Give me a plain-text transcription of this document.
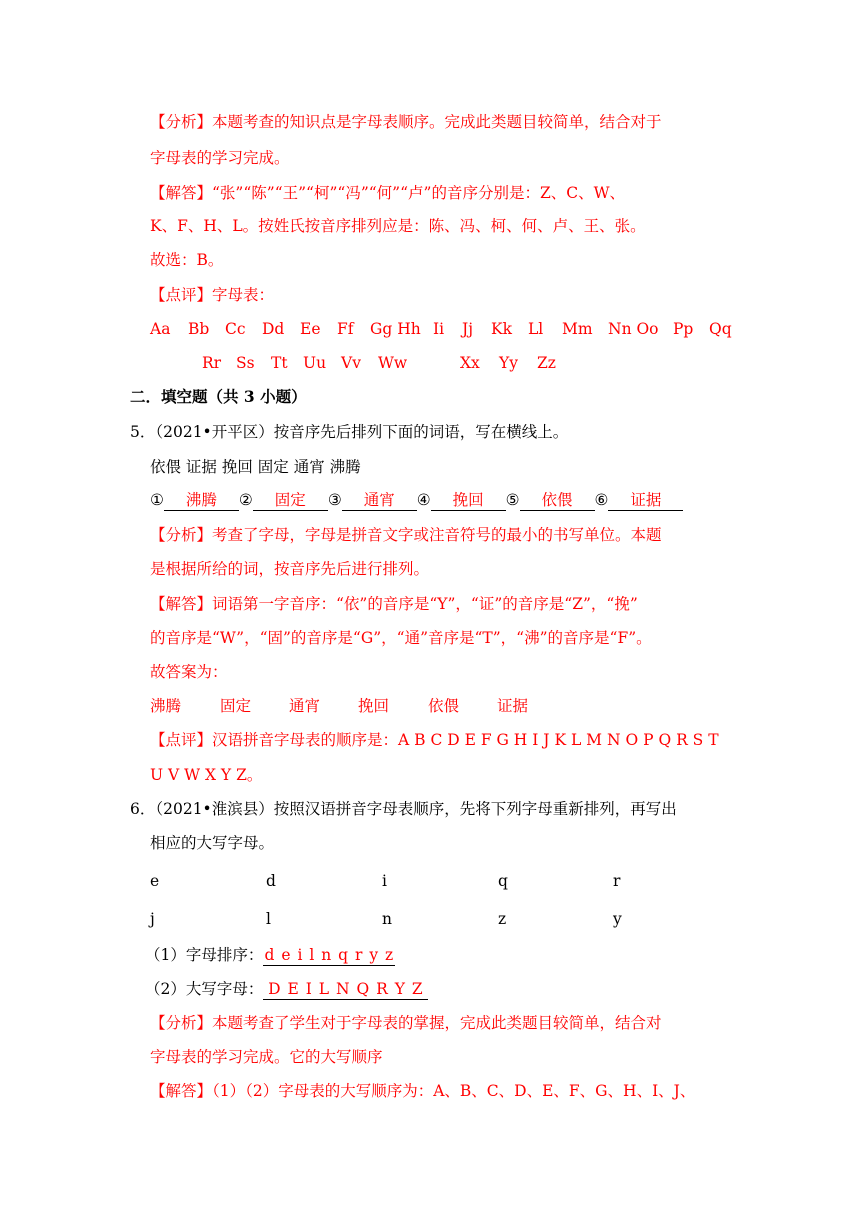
【分析】本题考查的知识点是字母表顺序。完成此类题目较简单，结合对于
字母表的学习完成。
【解答】“张”“陈”“王”“柯”“冯”“何”“卢”的音序分别是：Z、C、W、
K、F、H、L。按姓氏按音序排列应是：陈、冯、柯、何、卢、王、张。
故选：B。
【点评】字母表：
Aa Bb Cc Dd Ee Ff Gg Hh Ii Jj Kk Ll Mm Nn Oo Pp Qq
Rr Ss Tt Uu Vv Ww	Xx Yy Zz
二．填空题（共 3 小题）
5．（2021•开平区）按音序先后排列下面的词语，写在横线上。
依偎 证据 挽回 固定 通宵 沸腾
① 沸腾 ② 固定 ③ 通宵 ④ 挽回 ⑤ 依偎 ⑥ 证据
【分析】考查了字母，字母是拼音文字或注音符号的最小的书写单位。本题
是根据所给的词，按音序先后进行排列。
【解答】词语第一字音序：“依”的音序是“Y”，“证”的音序是“Z”，“挽”
的音序是“W”，“固”的音序是“G”，“通”音序是“T”，“沸”的音序是“F”。
故答案为：
沸腾	固定 通宵 挽回	依偎 证据
【点评】汉语拼音字母表的顺序是：A B C D E F G H I J K L M N O P Q R S T
U V W X Y Z。
6．（2021•淮滨县）按照汉语拼音字母表顺序，先将下列字母重新排列，再写出
相应的大写字母。
e	d	i	q	r
j	l	n	z	y
（1）字母排序：d e i l n q r y z
（2）大写字母： D E I L N Q R Y Z
【分析】本题考查了学生对于字母表的掌握，完成此类题目较简单，结合对
字母表的学习完成。它的大写顺序
【解答】（1）（2）字母表的大写顺序为：A、B、C、D、E、F、G、H、I、J、
